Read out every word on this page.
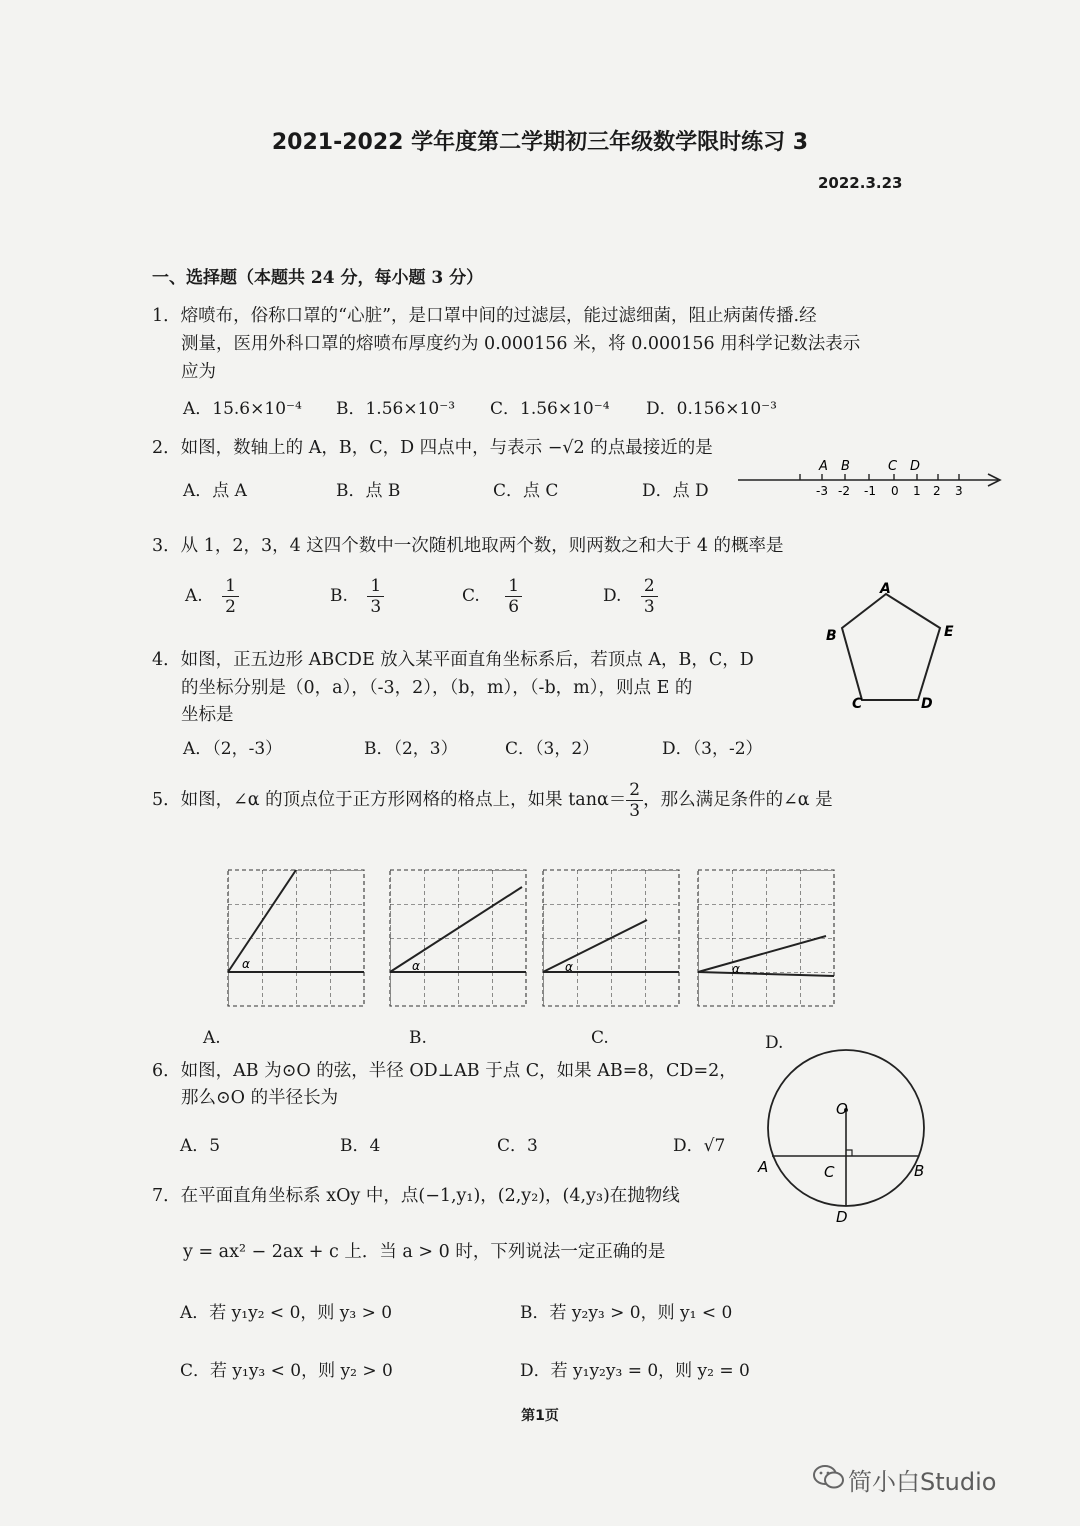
2021-2022 学年度第二学期初三年级数学限时练习 3
2022.3.23
一、选择题（本题共 24 分，每小题 3 分）
1．熔喷布，俗称口罩的“心脏”，是口罩中间的过滤层，能过滤细菌，阻止病菌传播.经
测量，医用外科口罩的熔喷布厚度约为 0.000156 米，将 0.000156 用科学记数法表示
应为
A．15.6×10⁻⁴ B．1.56×10⁻³ C．1.56×10⁻⁴ D．0.156×10⁻³
2．如图，数轴上的 A，B，C，D 四点中，与表示 −√2 的点最接近的是
A．点 A	B．点 B	C．点 C	D．点 D	-3 -2 -1 0 1 2 3
A B	C D
3．从 1，2，3，4 这四个数中一次随机地取两个数，则两数之和大于 4 的概率是
A. $\frac{1}{2}$	B. $\frac{1}{3}$	C. $\frac{1}{6}$	D. $\frac{2}{3}$	A
B
C	D
E
4．如图，正五边形 ABCDE 放入某平面直角坐标系后，若顶点 A，B，C，D
的坐标分别是（0，a），（-3，2），（b，m），（-b，m），则点 E 的
坐标是
A．（2，-3）	B．（2，3）	C．（3，2）	D．（3，-2）
5．如图，∠α 的顶点位于正方形网格的格点上，如果 $\tan\alpha= \frac{2}{3}$ ，那么满足条件的∠α 是
α	α	α	α
A.	B.	C.	D.
6．如图，AB 为⊙O 的弦，半径 OD⊥AB 于点 C，如果 AB=8，CD=2，
那么⊙O 的半径长为
A．5	B．4	C．3	D．√7
O
A	C	B
D
7．在平面直角坐标系 xOy 中，点(−1,y₁)，(2,y₂)，(4,y₃)在抛物线
y = ax² − 2ax + c 上．当 a > 0 时，下列说法一定正确的是
A．若 y₁y₂ < 0，则 y₃ > 0	B．若 y₂y₃ > 0，则 y₁ < 0
C．若 y₁y₃ < 0，则 y₂ > 0	D．若 y₁y₂y₃ = 0，则 y₂ = 0
第1页
简小白Studio
